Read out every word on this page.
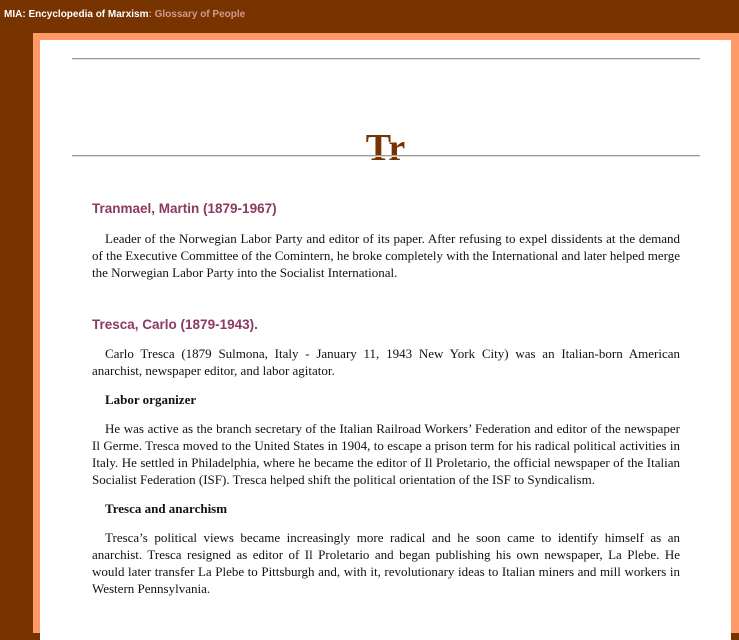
MIA: Encyclopedia of Marxism: Glossary of People
Tr
Tranmael, Martin (1879-1967)

Leader of the Norwegian Labor Party and editor of its paper. After refusing to expel dissidents at the demand of the Executive Committee of the Comintern, he broke completely with the International and later helped merge the Norwegian Labor Party into the Socialist International.

Tresca, Carlo (1879-1943).

Carlo Tresca (1879 Sulmona, Italy - January 11, 1943 New York City) was an Italian-born American anarchist, newspaper editor, and labor agitator.

Labor organizer

He was active as the branch secretary of the Italian Railroad Workers’ Federation and editor of the newspaper Il Germe. Tresca moved to the United States in 1904, to escape a prison term for his radical political activities in Italy. He settled in Philadelphia, where he became the editor of Il Proletario, the official newspaper of the Italian Socialist Federation (ISF). Tresca helped shift the political orientation of the ISF to Syndicalism.

Tresca and anarchism

Tresca’s political views became increasingly more radical and he soon came to identify himself as an anarchist. Tresca resigned as editor of Il Proletario and began publishing his own newspaper, La Plebe. He would later transfer La Plebe to Pittsburgh and, with it, revolutionary ideas to Italian miners and mill workers in Western Pennsylvania.
